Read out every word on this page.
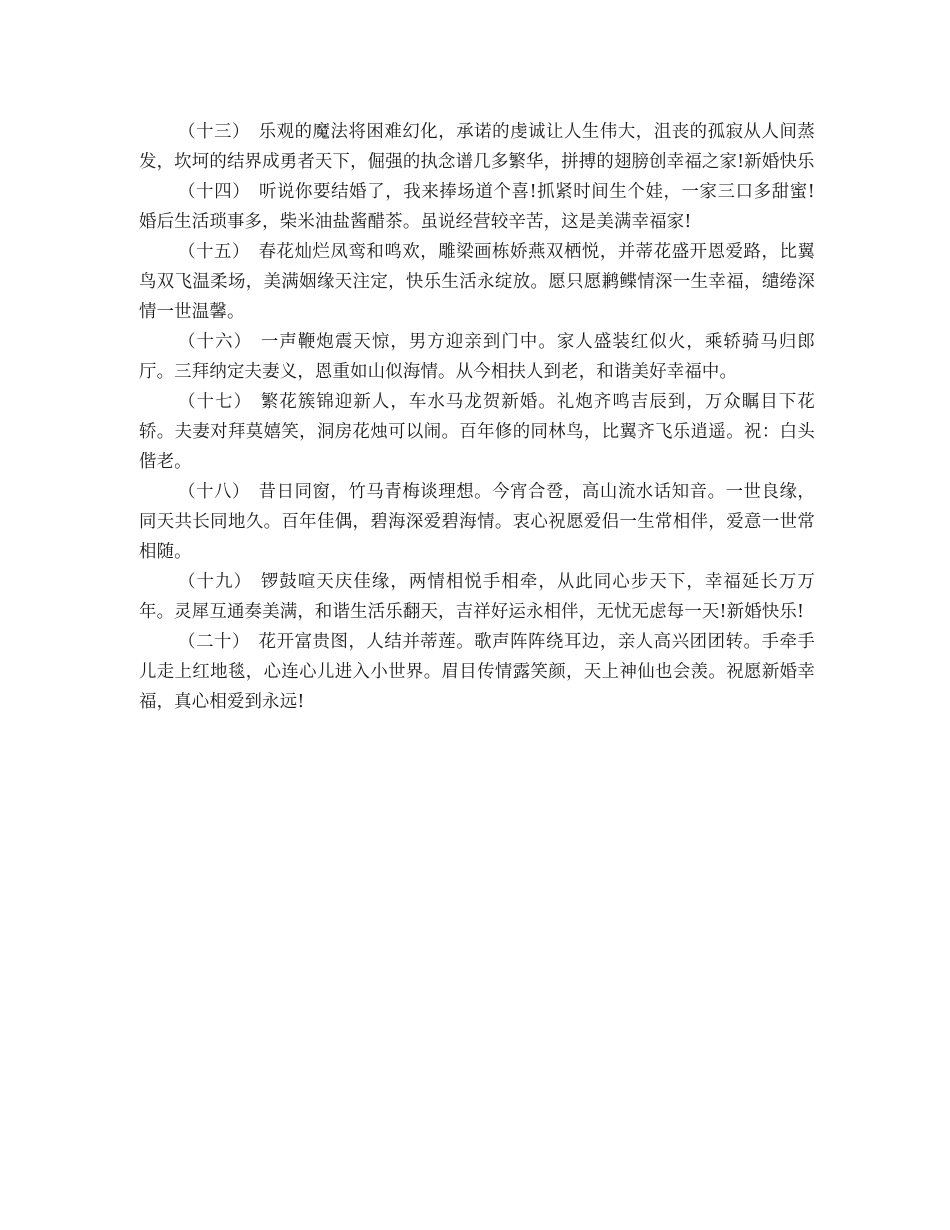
（十三） 乐观的魔法将困难幻化，承诺的虔诚让人生伟大，沮丧的孤寂从人间蒸发，坎坷的结界成勇者天下，倔强的执念谱几多繁华，拼搏的翅膀创幸福之家!新婚快乐

（十四） 听说你要结婚了，我来捧场道个喜!抓紧时间生个娃，一家三口多甜蜜!婚后生活琐事多，柴米油盐酱醋茶。虽说经营较辛苦，这是美满幸福家!

（十五） 春花灿烂凤鸾和鸣欢，雕梁画栋娇燕双栖悦，并蒂花盛开恩爱路，比翼鸟双飞温柔场，美满姻缘天注定，快乐生活永绽放。愿只愿鹣鲽情深一生幸福，缱绻深情一世温馨。

（十六） 一声鞭炮震天惊，男方迎亲到门中。家人盛装红似火，乘轿骑马归郎厅。三拜纳定夫妻义，恩重如山似海情。从今相扶人到老，和谐美好幸福中。

（十七） 繁花簇锦迎新人，车水马龙贺新婚。礼炮齐鸣吉辰到，万众瞩目下花轿。夫妻对拜莫嬉笑，洞房花烛可以闹。百年修的同林鸟，比翼齐飞乐逍遥。祝：白头偕老。

（十八） 昔日同窗，竹马青梅谈理想。今宵合卺，高山流水话知音。一世良缘，同天共长同地久。百年佳偶，碧海深爱碧海情。衷心祝愿爱侣一生常相伴，爱意一世常相随。

（十九） 锣鼓喧天庆佳缘，两情相悦手相牵，从此同心步天下，幸福延长万万年。灵犀互通奏美满，和谐生活乐翻天，吉祥好运永相伴，无忧无虑每一天!新婚快乐!

（二十） 花开富贵图，人结并蒂莲。歌声阵阵绕耳边，亲人高兴团团转。手牵手儿走上红地毯，心连心儿进入小世界。眉目传情露笑颜，天上神仙也会羡。祝愿新婚幸福，真心相爱到永远!
